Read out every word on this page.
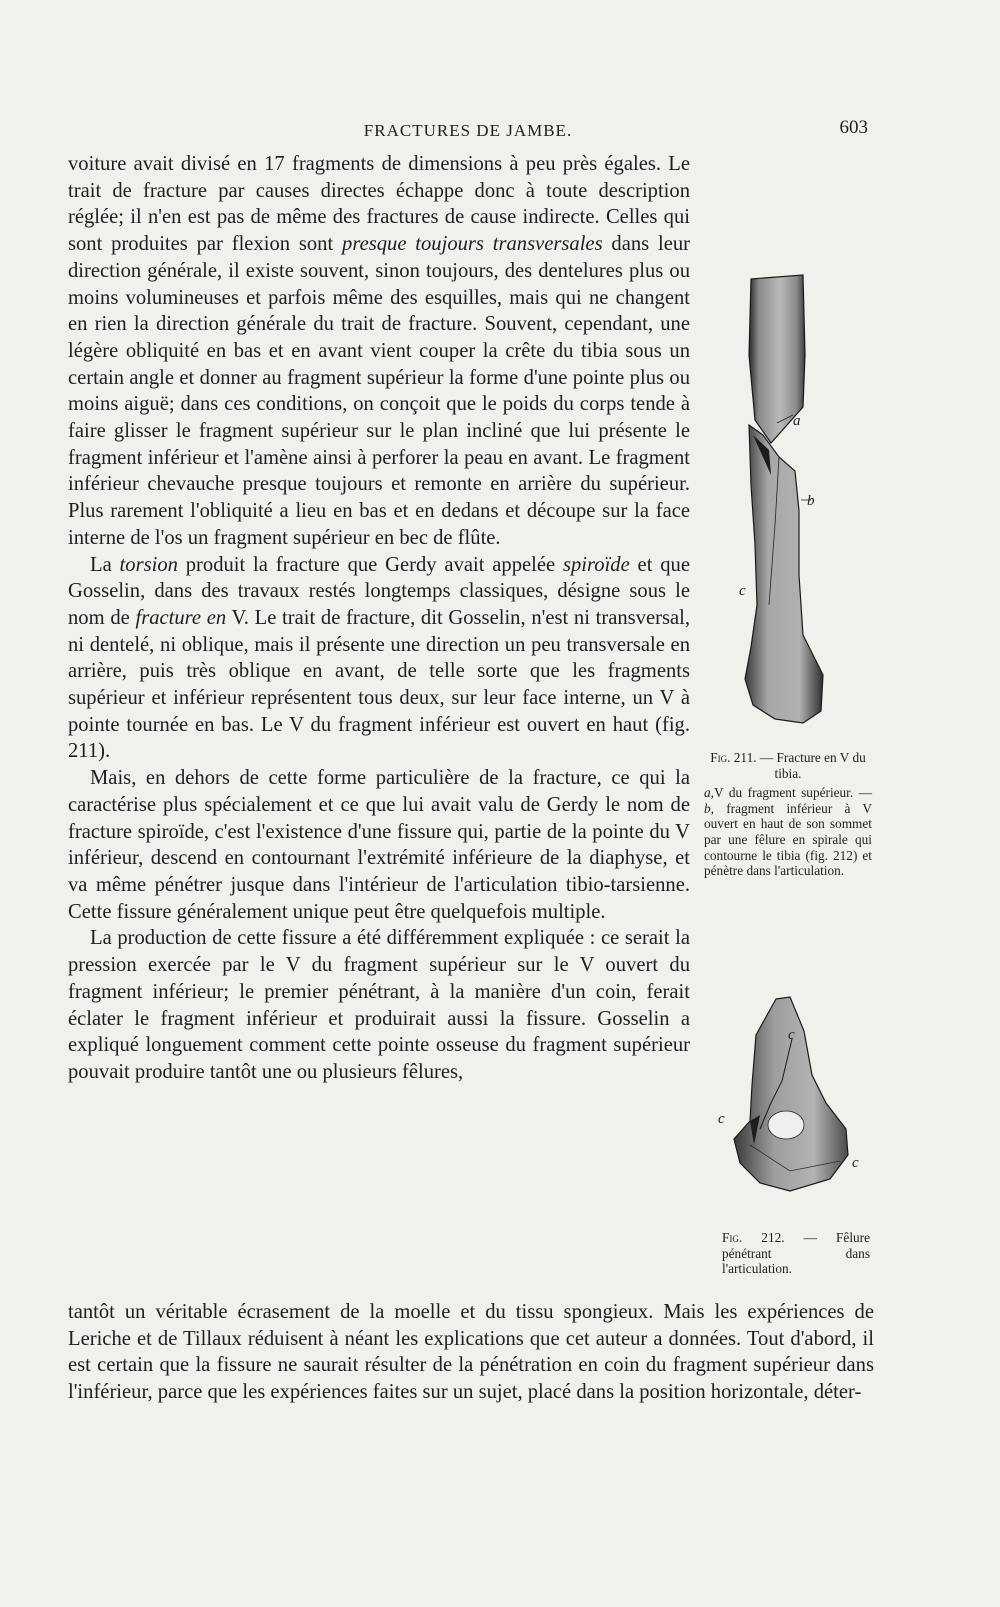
FRACTURES DE JAMBE.	603

voiture avait divisé en 17 fragments de dimensions à peu près égales. Le trait de fracture par causes directes échappe donc à toute description réglée; il n'en est pas de même des fractures de cause indirecte. Celles qui sont produites par flexion sont presque toujours transversales dans leur direction générale, il existe souvent, sinon toujours, des dentelures plus ou moins volumineuses et parfois même des esquilles, mais qui ne changent en rien la direction générale du trait de fracture. Souvent, cependant, une légère obliquité en bas et en avant vient couper la crête du tibia sous un certain angle et donner au fragment supérieur la forme d'une pointe plus ou moins aiguë; dans ces conditions, on conçoit que le poids du corps tende à faire glisser le fragment supérieur sur le plan incliné que lui présente le fragment inférieur et l'amène ainsi à perforer la peau en avant. Le fragment inférieur chevauche presque toujours et remonte en arrière du supérieur. Plus rarement l'obliquité a lieu en bas et en dedans et découpe sur la face interne de l'os un fragment supérieur en bec de flûte.

La torsion produit la fracture que Gerdy avait appelée spiroïde et que Gosselin, dans des travaux restés longtemps classiques, désigne sous le nom de fracture en V. Le trait de fracture, dit Gosselin, n'est ni transversal, ni dentelé, ni oblique, mais il présente une direction un peu transversale en arrière, puis très oblique en avant, de telle sorte que les fragments supérieur et inférieur représentent tous deux, sur leur face interne, un V à pointe tournée en bas. Le V du fragment inférieur est ouvert en haut (fig. 211).

Mais, en dehors de cette forme particulière de la fracture, ce qui la caractérise plus spécialement et ce que lui avait valu de Gerdy le nom de fracture spiroïde, c'est l'existence d'une fissure qui, partie de la pointe du V inférieur, descend en contournant l'extrémité inférieure de la diaphyse, et va même pénétrer jusque dans l'intérieur de l'articulation tibio-tarsienne. Cette fissure généralement unique peut être quelquefois multiple.

La production de cette fissure a été différemment expliquée : ce serait la pression exercée par le V du fragment supérieur sur le V ouvert du fragment inférieur; le premier pénétrant, à la manière d'un coin, ferait éclater le fragment inférieur et produirait aussi la fissure. Gosselin a expliqué longuement comment cette pointe osseuse du fragment supérieur pouvait produire tantôt une ou plusieurs fêlures,

tantôt un véritable écrasement de la moelle et du tissu spongieux. Mais les expériences de Leriche et de Tillaux réduisent à néant les explications que cet auteur a données. Tout d'abord, il est certain que la fissure ne saurait résulter de la pénétration en coin du fragment supérieur dans l'inférieur, parce que les expériences faites sur un sujet, placé dans la position horizontale, déter-

a
b
c
Fig. 211. — Fracture en V du tibia.
a,V du fragment supérieur. — b, fragment inférieur à V ouvert en haut de son sommet par une fêlure en spirale qui contourne le tibia (fig. 212) et pénètre dans l'articulation.
c
c
c
Fig. 212. — Fêlure pénétrant dans l'articulation.
